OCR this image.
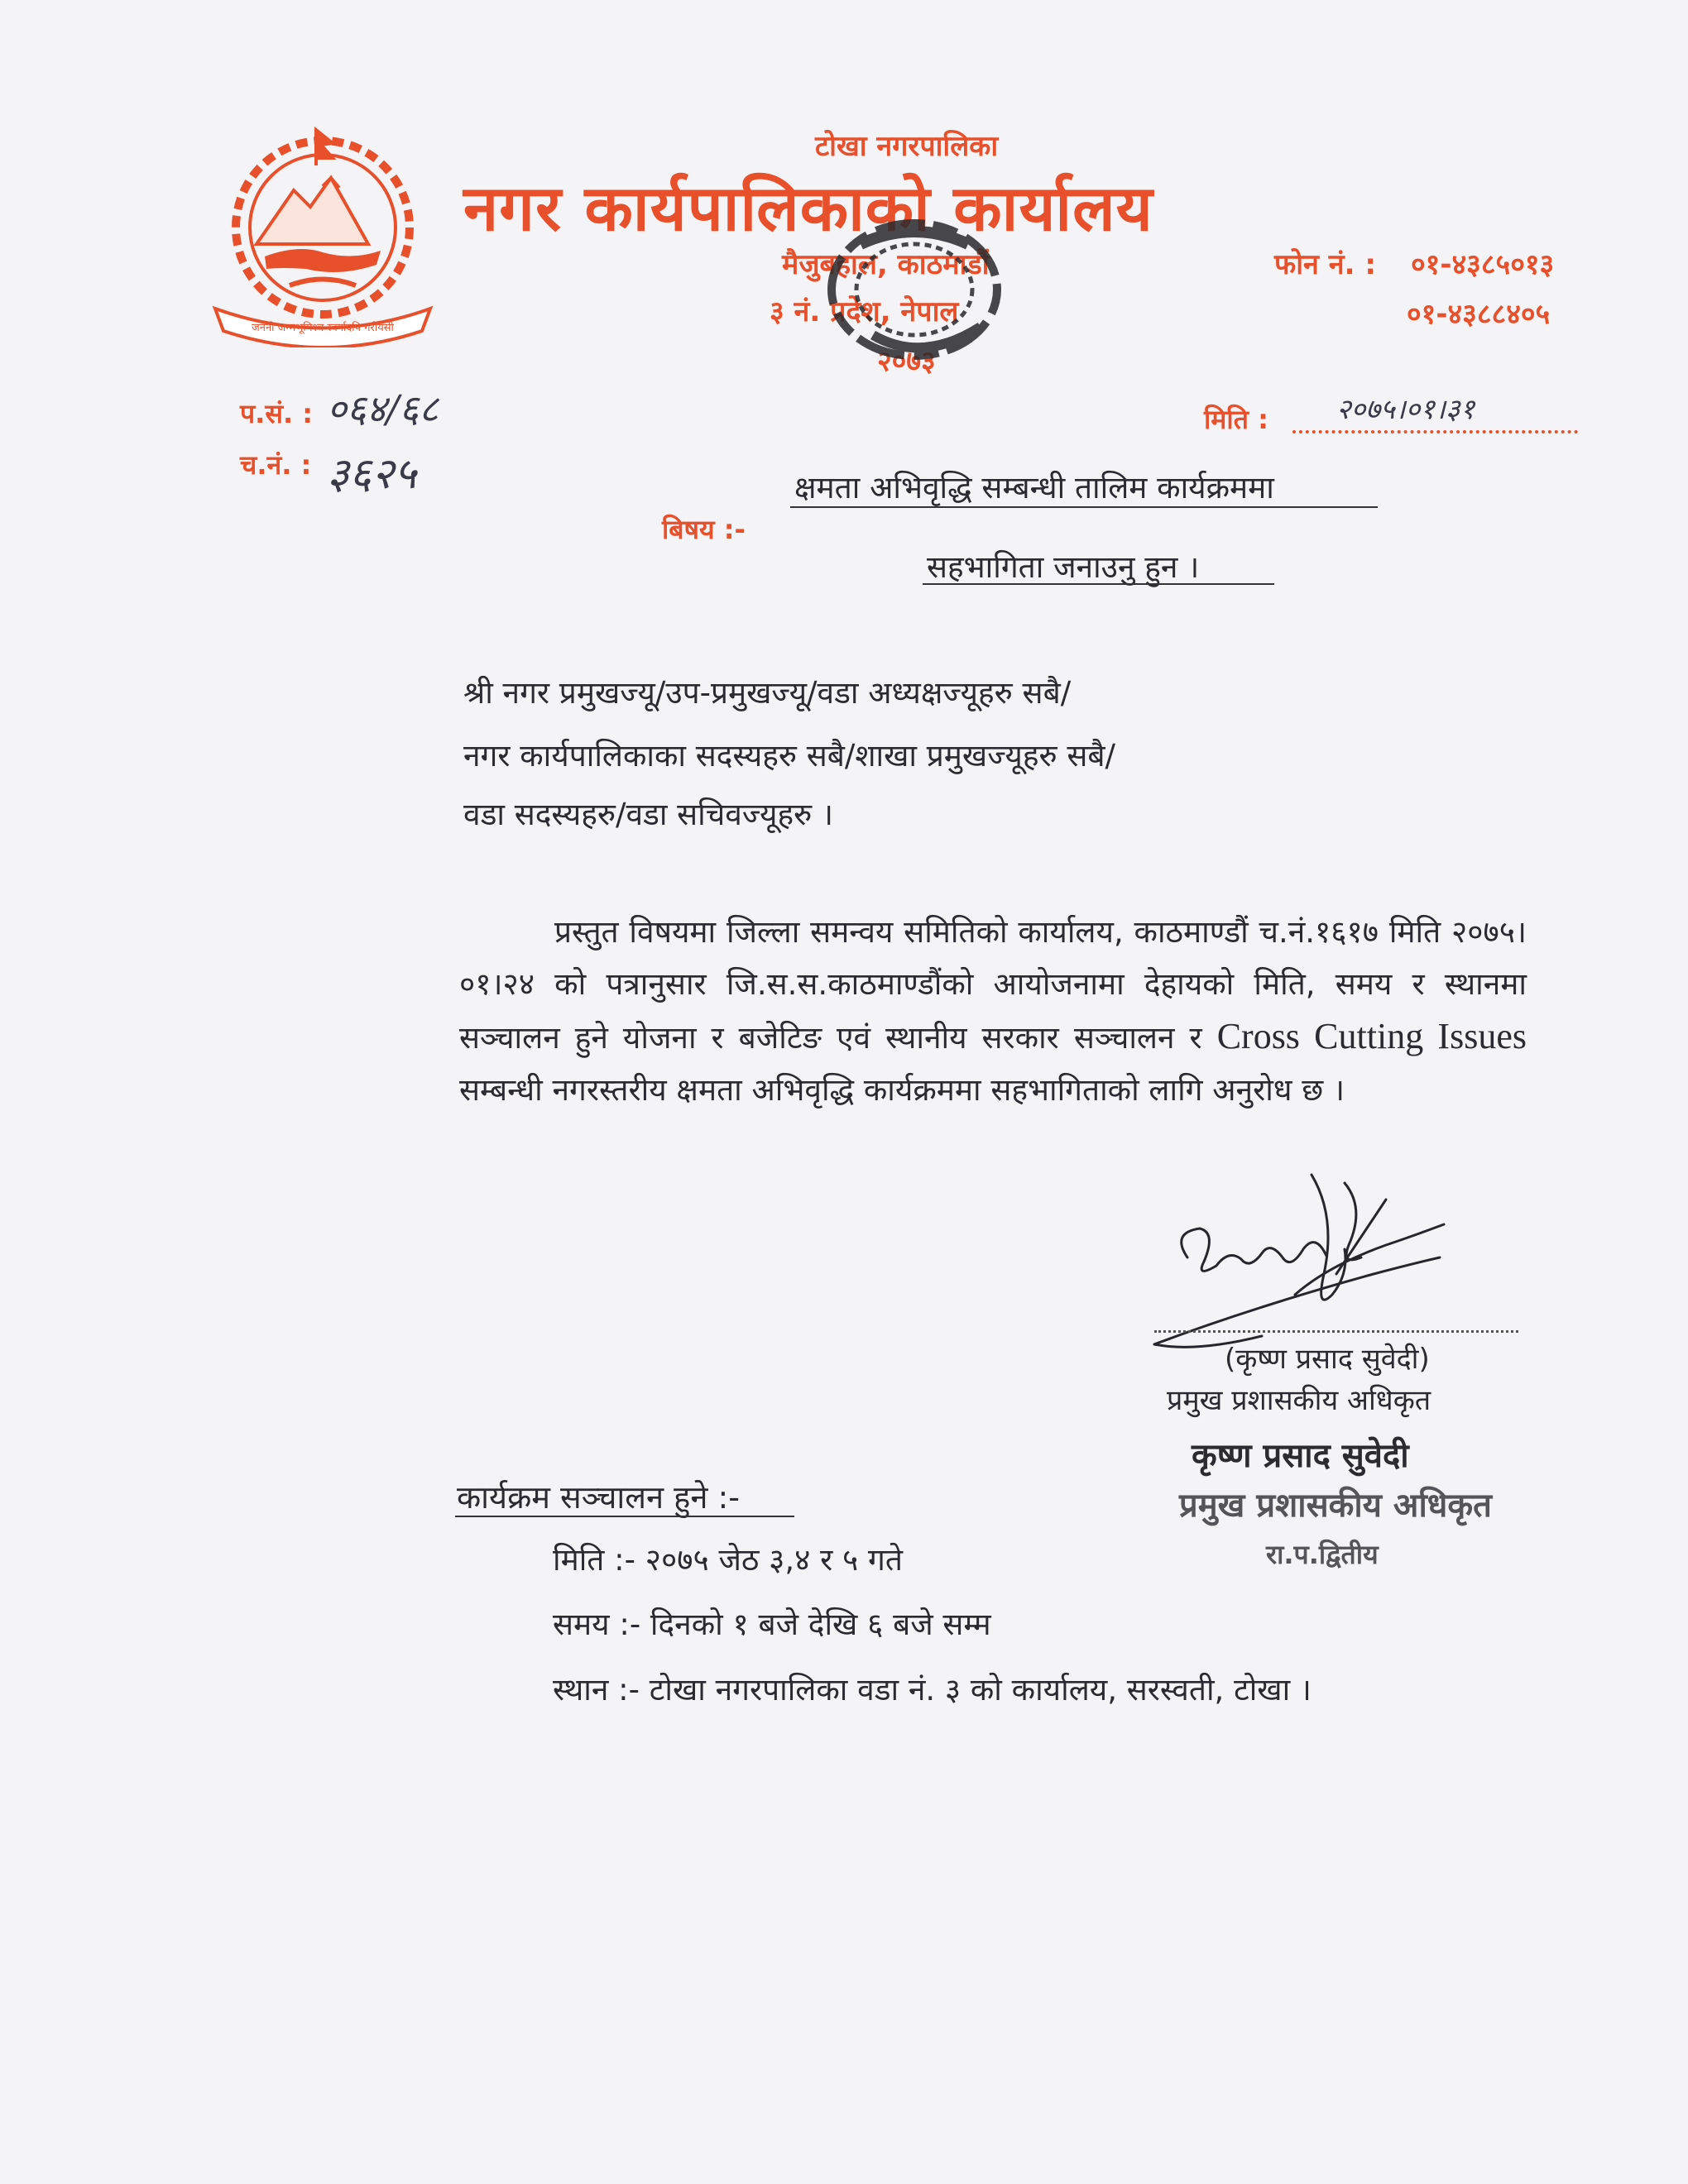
जननी जन्मभूमिश्च स्वर्गादपि गरीयसी
टोखा नगरपालिका
नगर कार्यपालिकाको कार्यालय
मैजुबहाल, काठमाडौं
३ नं. प्रदेश, नेपाल
२०७३
फोन नं. : ०१-४३८५०१३
०१-४३८८४०५
प.सं. : ०६४/६८
च.नं. : ३६२५
मिति : २०७५।०१।३१
बिषय :-
क्षमता अभिवृद्धि सम्बन्धी तालिम कार्यक्रममा
सहभागिता जनाउनु हुन ।
श्री नगर प्रमुखज्यू/उप-प्रमुखज्यू/वडा अध्यक्षज्यूहरु सबै/
नगर कार्यपालिकाका सदस्यहरु सबै/शाखा प्रमुखज्यूहरु सबै/
वडा सदस्यहरु/वडा सचिवज्यूहरु ।
प्रस्तुत विषयमा जिल्ला समन्वय समितिको कार्यालय, काठमाण्डौं च.नं.१६१७ मिति २०७५।०१।२४ को पत्रानुसार जि.स.स.काठमाण्डौंको आयोजनामा देहायको मिति, समय र स्थानमा सञ्चालन हुने योजना र बजेटिङ एवं स्थानीय सरकार सञ्चालन र Cross Cutting Issues सम्बन्धी नगरस्तरीय क्षमता अभिवृद्धि कार्यक्रममा सहभागिताको लागि अनुरोध छ ।
(कृष्ण प्रसाद सुवेदी)
प्रमुख प्रशासकीय अधिकृत
कृष्ण प्रसाद सुवेदी
प्रमुख प्रशासकीय अधिकृत
रा.प.द्वितीय
कार्यक्रम सञ्चालन हुने :-
मिति :- २०७५ जेठ ३,४ र ५ गते
समय :- दिनको १ बजे देखि ६ बजे सम्म
स्थान :- टोखा नगरपालिका वडा नं. ३ को कार्यालय, सरस्वती, टोखा ।
